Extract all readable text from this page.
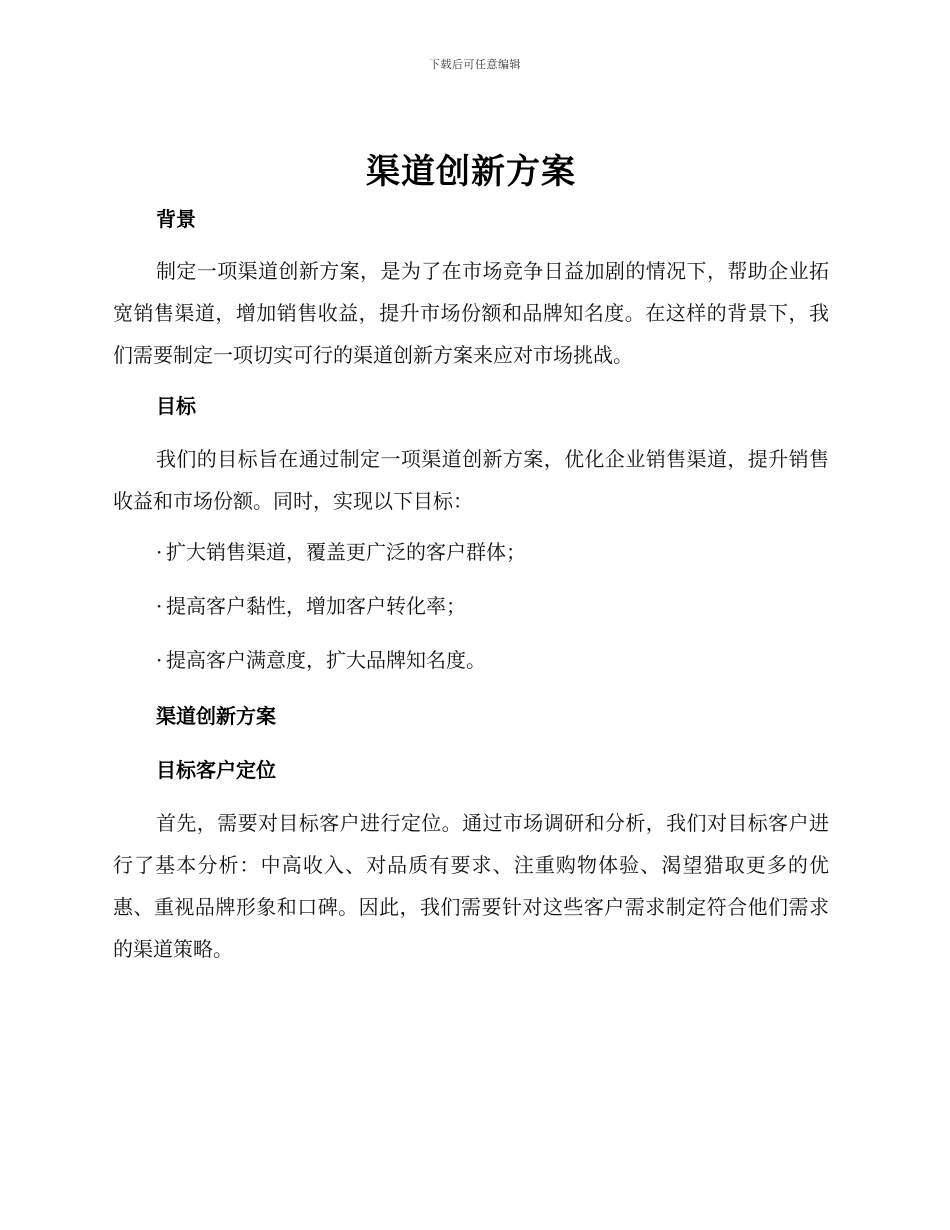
下载后可任意编辑
渠道创新方案
背景

制定一项渠道创新方案，是为了在市场竞争日益加剧的情况下，帮助企业拓宽销售渠道，增加销售收益，提升市场份额和品牌知名度。在这样的背景下，我们需要制定一项切实可行的渠道创新方案来应对市场挑战。

目标

我们的目标旨在通过制定一项渠道创新方案，优化企业销售渠道，提升销售收益和市场份额。同时，实现以下目标：

· 扩大销售渠道，覆盖更广泛的客户群体；

· 提高客户黏性，增加客户转化率；

· 提高客户满意度，扩大品牌知名度。

渠道创新方案
目标客户定位

首先，需要对目标客户进行定位。通过市场调研和分析，我们对目标客户进行了基本分析：中高收入、对品质有要求、注重购物体验、渴望猎取更多的优惠、重视品牌形象和口碑。因此，我们需要针对这些客户需求制定符合他们需求的渠道策略。
